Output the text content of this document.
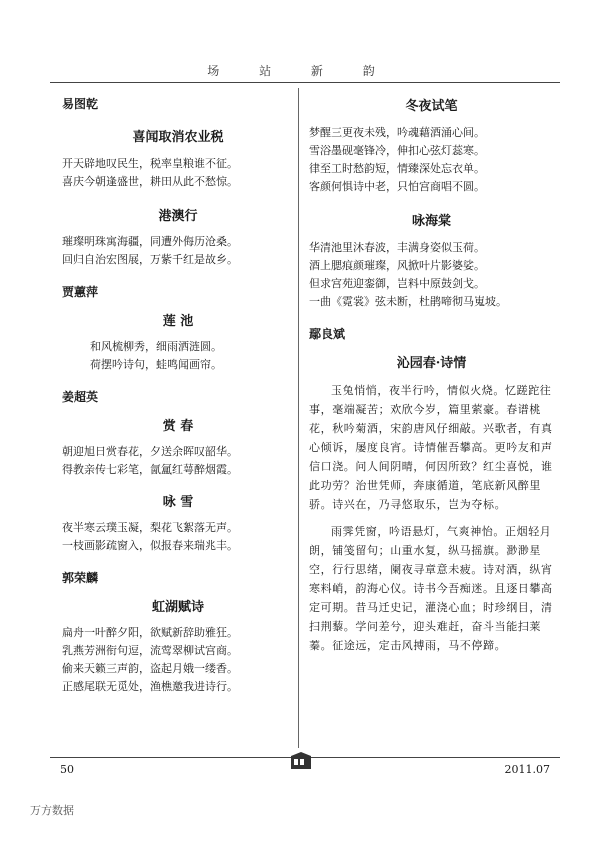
场 站 新 韵

易图乾

喜闻取消农业税

开天辟地叹民生，税率皇粮谁不征。

喜庆今朝逢盛世，耕田从此不愁惊。

港澳行

璀璨明珠寓海疆，同遭外侮历沧桑。

回归自治宏图展，万紫千红是故乡。

贾蕙萍

莲 池

和风梳柳秀，细雨洒涟圆。

荷摆吟诗句，蛙鸣闻画帘。

姜超英

赏 春

朝迎旭日赏春花，夕送余晖叹韶华。

得教亲传七彩笔，氤氲红萼醉烟霞。

咏 雪

夜半寒云璞玉凝，梨花飞絮落无声。

一枝画影疏窗入，似报春来瑞兆丰。

郭荣麟

虹湖赋诗

扁舟一叶醉夕阳，欲赋新辞助雅狂。

乳燕芳洲衔句逗，流莺翠柳试宫商。

偷来天籁三声韵，盗起月娥一缕香。

正感尾联无觅处，渔樵邀我进诗行。

冬夜试笔

梦醒三更夜未残，吟魂藉酒涌心间。

雪浴墨砚毫锋冷，伸扣心弦灯蕊寒。

律至工时愁韵短，情臻深处忘衣单。

客颜何惧诗中老，只怕宫商唱不圆。

咏海棠

华清池里沐春波，丰满身姿似玉荷。

酒上腮痕颜璀璨，风掀叶片影婆娑。

但求宫苑迎銮御，岂料中原鼓剑戈。

一曲《霓裳》弦未断，杜鹃啼彻马嵬坡。

鄢良斌

沁园春·诗情

玉兔悄悄，夜半行吟，情似火烧。忆蹉跎往事，毫端凝苦；欢欣今岁，篇里萦豪。春谱桃花，秋吟菊酒，宋韵唐风仔细敲。兴歌者，有真心倾诉，屡度良宵。诗情催吾攀高。更吟友和声信口浇。问人间阴晴，何因所致？红尘喜悦，谁此功劳？治世凭师，奔康循道，笔底新风醉里骄。诗兴在，乃寻悠取乐，岂为夺标。

雨霁凭窗，吟语悬灯，气爽神怡。正烟轻月朗，铺笺留句；山重水复，纵马摇旗。渺渺星空，行行思绪，阑夜寻章意未疲。诗对酒，纵宵寒料峭，韵海心仪。诗书今吾痴迷。且逐日攀高定可期。昔马迁史记，灌浇心血；时珍纲目，清扫荆藜。学问差兮，迎头难赶，奋斗当能扫莱蓁。征途远，定击风搏雨，马不停蹄。

50	2011.07
万方数据
